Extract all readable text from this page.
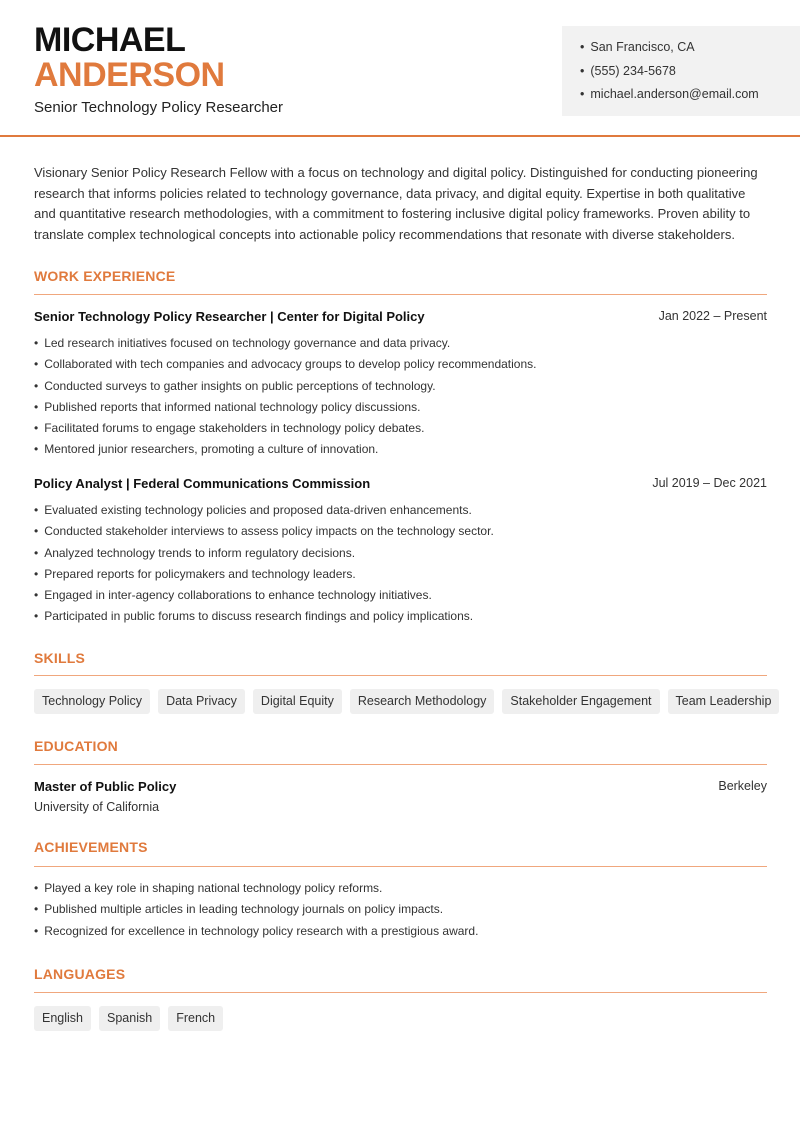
MICHAEL
ANDERSON
Senior Technology Policy Researcher
• San Francisco, CA
• (555) 234-5678
• michael.anderson@email.com
Visionary Senior Policy Research Fellow with a focus on technology and digital policy. Distinguished for conducting pioneering research that informs policies related to technology governance, data privacy, and digital equity. Expertise in both qualitative and quantitative research methodologies, with a commitment to fostering inclusive digital policy frameworks. Proven ability to translate complex technological concepts into actionable policy recommendations that resonate with diverse stakeholders.
WORK EXPERIENCE
Senior Technology Policy Researcher | Center for Digital Policy	Jan 2022 – Present
• Led research initiatives focused on technology governance and data privacy.
• Collaborated with tech companies and advocacy groups to develop policy recommendations.
• Conducted surveys to gather insights on public perceptions of technology.
• Published reports that informed national technology policy discussions.
• Facilitated forums to engage stakeholders in technology policy debates.
• Mentored junior researchers, promoting a culture of innovation.
Policy Analyst | Federal Communications Commission	Jul 2019 – Dec 2021
• Evaluated existing technology policies and proposed data-driven enhancements.
• Conducted stakeholder interviews to assess policy impacts on the technology sector.
• Analyzed technology trends to inform regulatory decisions.
• Prepared reports for policymakers and technology leaders.
• Engaged in inter-agency collaborations to enhance technology initiatives.
• Participated in public forums to discuss research findings and policy implications.
SKILLS
Technology Policy	Data Privacy	Digital Equity	Research Methodology	Stakeholder Engagement	Team Leadership
EDUCATION
Master of Public Policy	Berkeley
University of California
ACHIEVEMENTS
• Played a key role in shaping national technology policy reforms.
• Published multiple articles in leading technology journals on policy impacts.
• Recognized for excellence in technology policy research with a prestigious award.
LANGUAGES
English	Spanish	French
